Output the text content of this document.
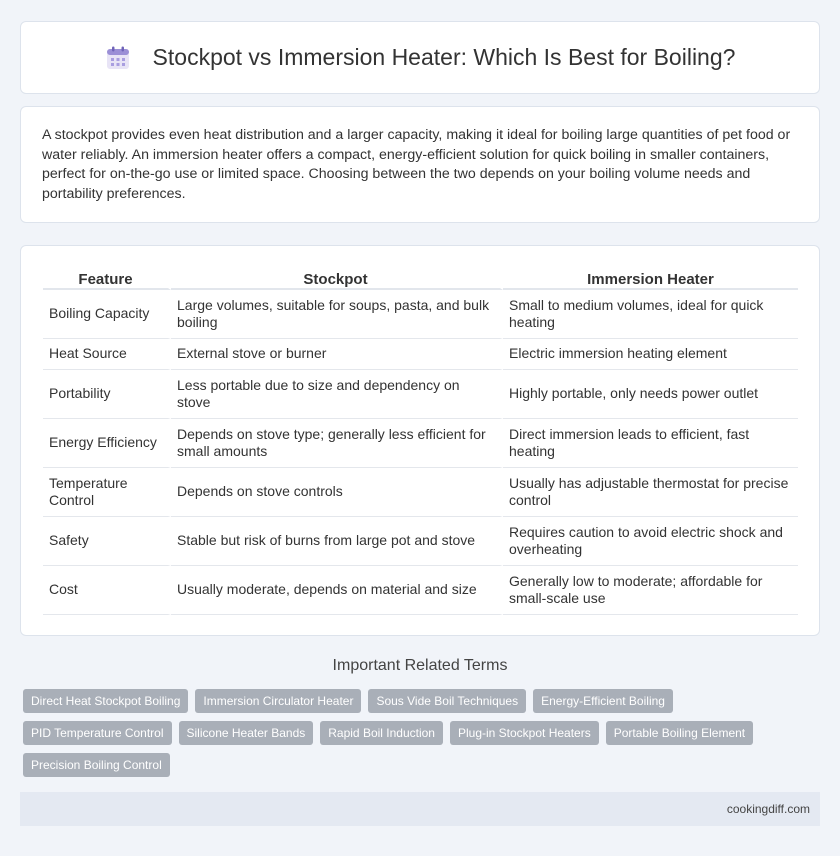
Stockpot vs Immersion Heater: Which Is Best for Boiling?

A stockpot provides even heat distribution and a larger capacity, making it ideal for boiling large quantities of pet food or water reliably. An immersion heater offers a compact, energy-efficient solution for quick boiling in smaller containers, perfect for on-the-go use or limited space. Choosing between the two depends on your boiling volume needs and portability preferences.

Feature	Stockpot	Immersion Heater
Boiling Capacity	Large volumes, suitable for soups, pasta, and bulk boiling	Small to medium volumes, ideal for quick heating
Heat Source	External stove or burner	Electric immersion heating element
Portability	Less portable due to size and dependency on stove	Highly portable, only needs power outlet
Energy Efficiency	Depends on stove type; generally less efficient for small amounts	Direct immersion leads to efficient, fast heating
Temperature Control	Depends on stove controls	Usually has adjustable thermostat for precise control
Safety	Stable but risk of burns from large pot and stove	Requires caution to avoid electric shock and overheating
Cost	Usually moderate, depends on material and size	Generally low to moderate; affordable for small-scale use
Important Related Terms
Direct Heat Stockpot Boiling	Immersion Circulator Heater	Sous Vide Boil Techniques	Energy-Efficient Boiling
PID Temperature Control	Silicone Heater Bands	Rapid Boil Induction	Plug-in Stockpot Heaters	Portable Boiling Element
Precision Boiling Control
cookingdiff.com
